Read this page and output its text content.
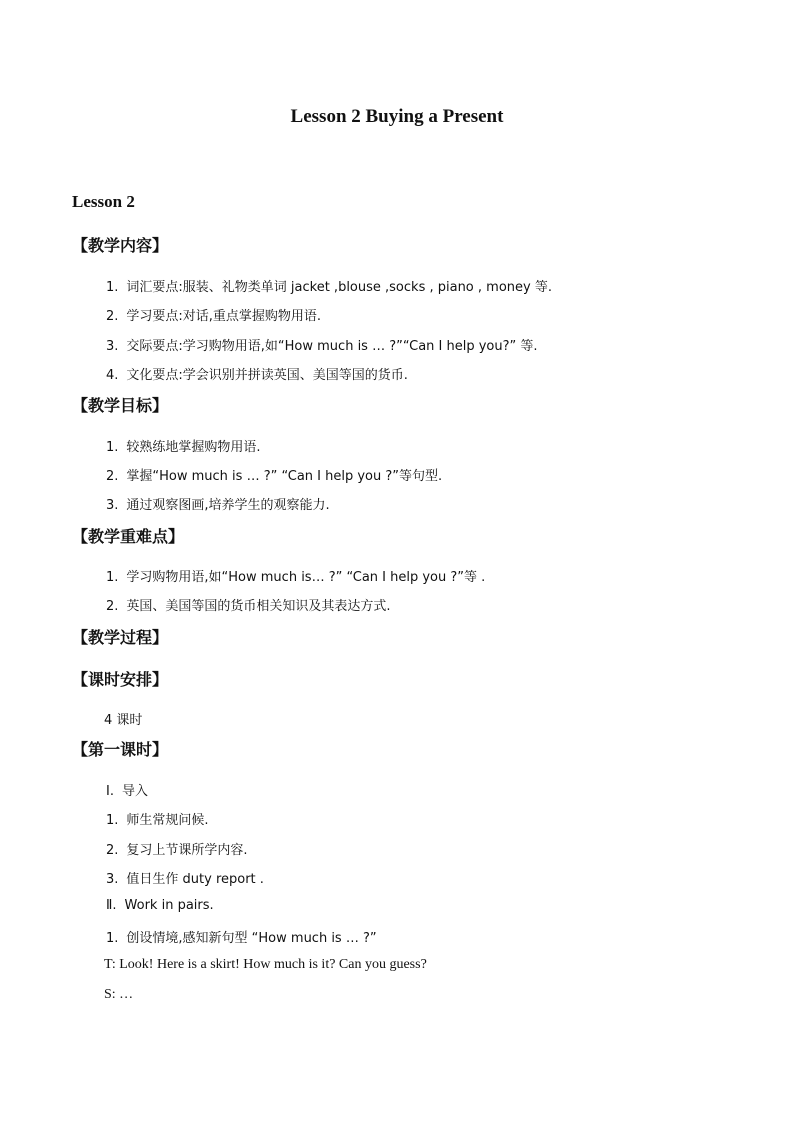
Lesson 2 Buying a Present
Lesson 2
【教学内容】
1. 词汇要点:服装、礼物类单词 jacket ,blouse ,socks , piano , money 等.
2. 学习要点:对话,重点掌握购物用语.
3. 交际要点:学习购物用语,如“How much is … ?”“Can I help you?” 等.
4. 文化要点:学会识别并拼读英国、美国等国的货币.
【教学目标】
1. 较熟练地掌握购物用语.
2. 掌握“How much is … ?” “Can I help you ?”等句型.
3. 通过观察图画,培养学生的观察能力.
【教学重难点】
1. 学习购物用语,如“How much is… ?” “Can I help you ?”等 .
2. 英国、美国等国的货币相关知识及其表达方式.
【教学过程】
【课时安排】
4 课时
【第一课时】
Ⅰ. 导入
1. 师生常规问候.
2. 复习上节课所学内容.
3. 值日生作 duty report .
Ⅱ. Work in pairs.
1. 创设情境,感知新句型 “How much is … ?”
T: Look! Here is a skirt! How much is it? Can you guess?
S: …
